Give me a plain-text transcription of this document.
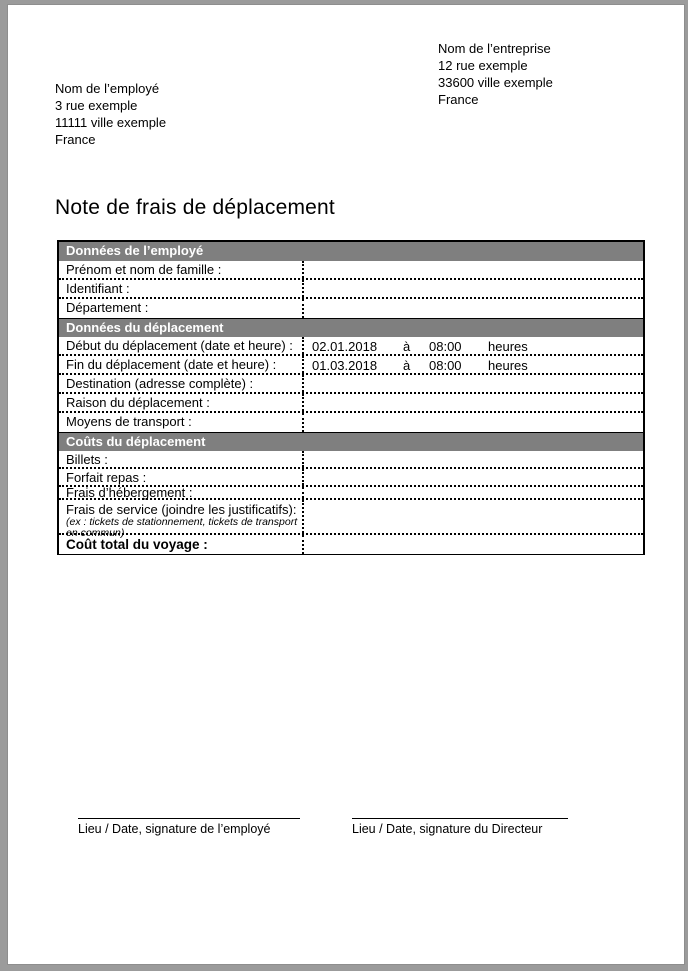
Nom de l’entreprise
12 rue exemple
33600 ville exemple
France
Nom de l’employé
3 rue exemple
11111 ville exemple
France
Note de frais de déplacement
Données de l’employé
Prénom et nom de famille :
Identifiant :
Département :
Données du déplacement
Début du déplacement (date et heure) :	02.01.2018 à 08:00 heures
Fin du déplacement (date et heure) :	01.03.2018 à 08:00 heures
Destination (adresse complète) :
Raison du déplacement :
Moyens de transport :
Coûts du déplacement
Billets :
Forfait repas :
Frais d’hébergement :
Frais de service (joindre les justificatifs):
(ex : tickets de stationnement, tickets de transport en commun)
Coût total du voyage :
Lieu / Date, signature de l’employé	Lieu / Date, signature du Directeur
